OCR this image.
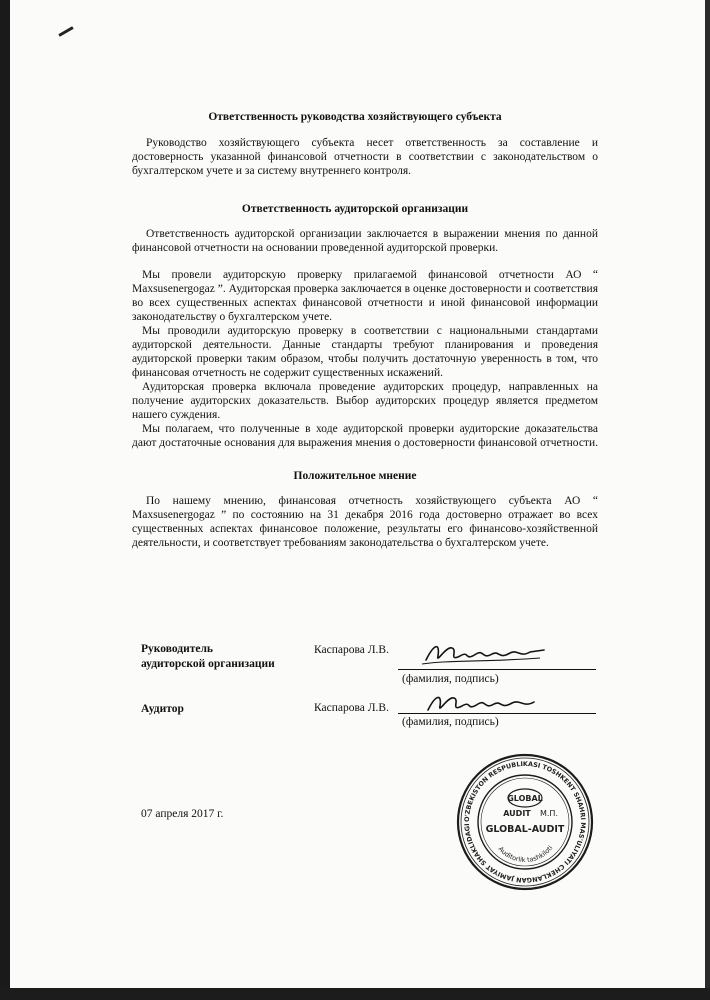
Ответственность руководства хозяйствующего субъекта

Руководство хозяйствующего субъекта несет ответственность за составление и достоверность указанной финансовой отчетности в соответствии с законодательством о бухгалтерском учете и за систему внутреннего контроля.

Ответственность аудиторской организации

Ответственность аудиторской организации заключается в выражении мнения по данной финансовой отчетности на основании проведенной аудиторской проверки.

Мы провели аудиторскую проверку прилагаемой финансовой отчетности АО “ Maxsusenergogaz ”. Аудиторская проверка заключается в оценке достоверности и соответствия во всех существенных аспектах финансовой отчетности и иной финансовой информации законодательству о бухгалтерском учете.

Мы проводили аудиторскую проверку в соответствии с национальными стандартами аудиторской деятельности. Данные стандарты требуют планирования и проведения аудиторской проверки таким образом, чтобы получить достаточную уверенность в том, что финансовая отчетность не содержит существенных искажений.

Аудиторская проверка включала проведение аудиторских процедур, направленных на получение аудиторских доказательств. Выбор аудиторских процедур является предметом нашего суждения.

Мы полагаем, что полученные в ходе аудиторской проверки аудиторские доказательства дают достаточные основания для выражения мнения о достоверности финансовой отчетности.

Положительное мнение

По нашему мнению, финансовая отчетность хозяйствующего субъекта АО “ Maxsusenergogaz ” по состоянию на 31 декабря 2016 года достоверно отражает во всех существенных аспектах финансовое положение, результаты его финансово-хозяйственной деятельности, и соответствует требованиям законодательства о бухгалтерском учете.

Руководитель
аудиторской организации
Каспарова Л.В.
(фамилия, подпись)
Аудитор	Каспарова Л.В.
(фамилия, подпись)
07 апреля 2017 г.	O'ZBEKISTON RESPUBLIKASI TOSHKENT SHAHRI MAS'ULIYATI CHEKLANGAN JAMIYAT SHAKLIDAGI
GLOBAL
AUDIT М.П.
GLOBAL-AUDIT
Auditorlik tashkiloti
